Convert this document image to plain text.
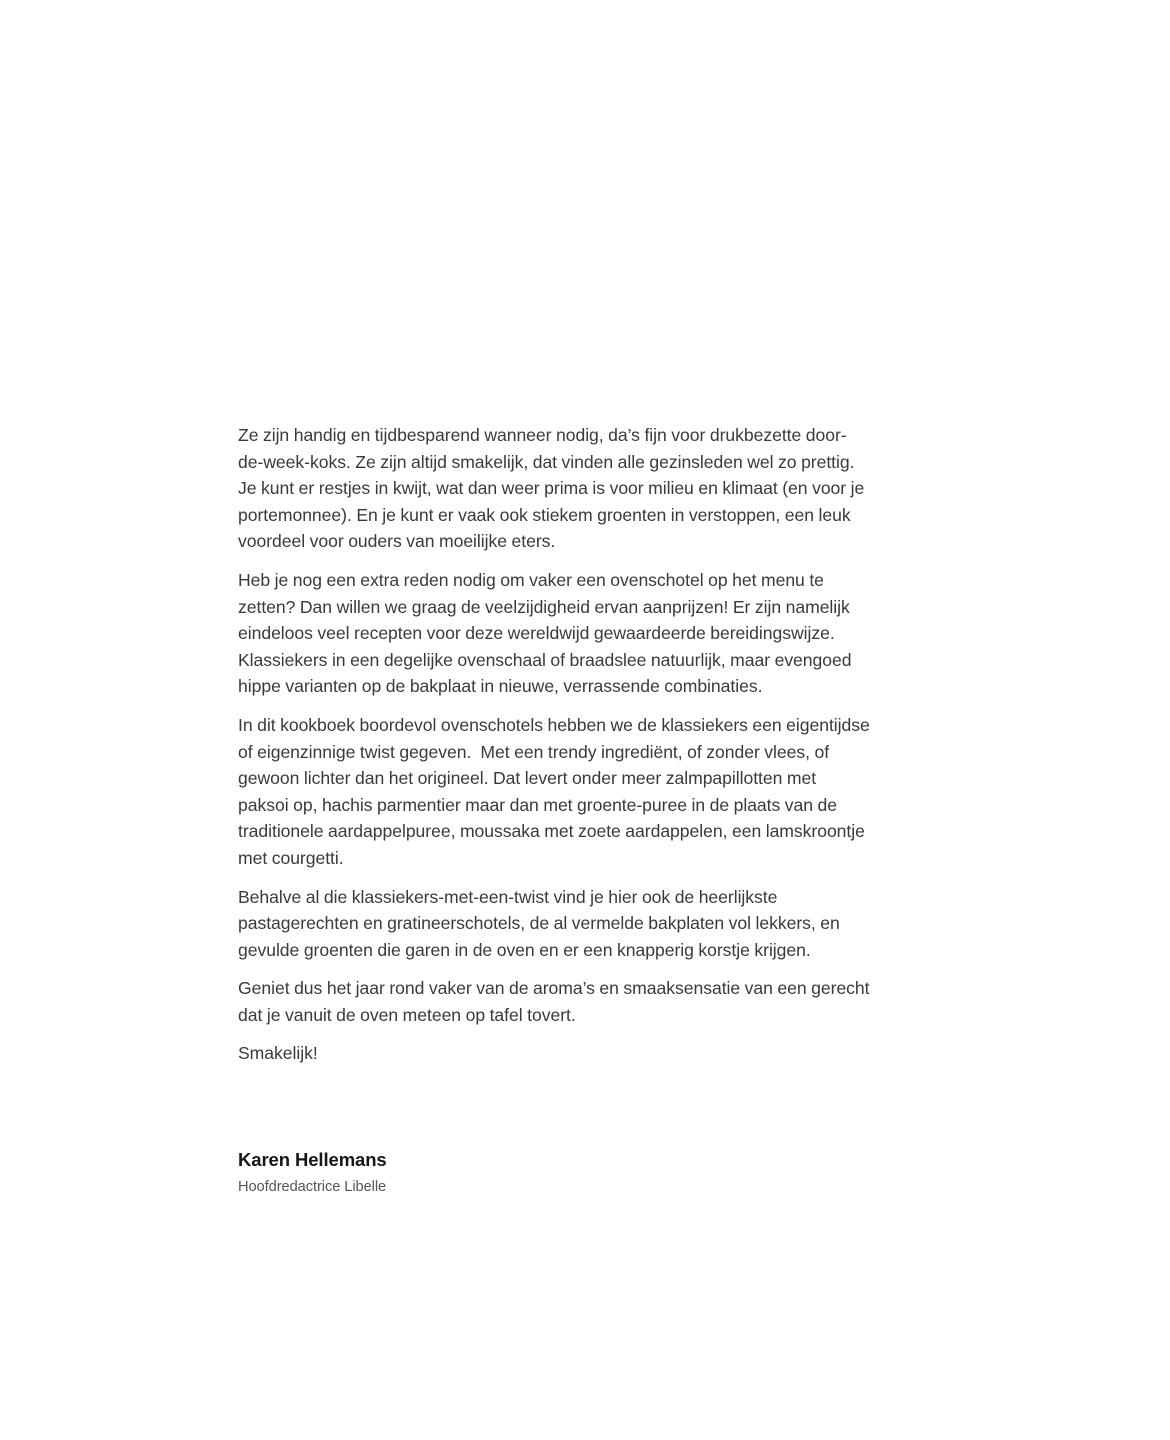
Ze zijn handig en tijdbesparend wanneer nodig, da’s fijn voor drukbezette door-de-week-koks. Ze zijn altijd smakelijk, dat vinden alle gezinsleden wel zo prettig. Je kunt er restjes in kwijt, wat dan weer prima is voor milieu en klimaat (en voor je portemonnee). En je kunt er vaak ook stiekem groenten in verstoppen, een leuk voordeel voor ouders van moeilijke eters.

Heb je nog een extra reden nodig om vaker een ovenschotel op het menu te zetten? Dan willen we graag de veelzijdigheid ervan aanprijzen! Er zijn namelijk eindeloos veel recepten voor deze wereldwijd gewaardeerde bereidingswijze. Klassiekers in een degelijke ovenschaal of braadslee natuurlijk, maar evengoed hippe varianten op de bakplaat in nieuwe, verrassende combinaties.

In dit kookboek boordevol ovenschotels hebben we de klassiekers een eigentijdse of eigenzinnige twist gegeven.  Met een trendy ingrediënt, of zonder vlees, of gewoon lichter dan het origineel. Dat levert onder meer zalmpapillotten met paksoi op, hachis parmentier maar dan met groente-puree in de plaats van de traditionele aardappelpuree, moussaka met zoete aardappelen, een lamskroontje met courgetti.

Behalve al die klassiekers-met-een-twist vind je hier ook de heerlijkste pastagerechten en gratineerschotels, de al vermelde bakplaten vol lekkers, en gevulde groenten die garen in de oven en er een knapperig korstje krijgen.

Geniet dus het jaar rond vaker van de aroma’s en smaaksensatie van een gerecht dat je vanuit de oven meteen op tafel tovert.

Smakelijk!

Karen Hellemans

Hoofdredactrice Libelle
